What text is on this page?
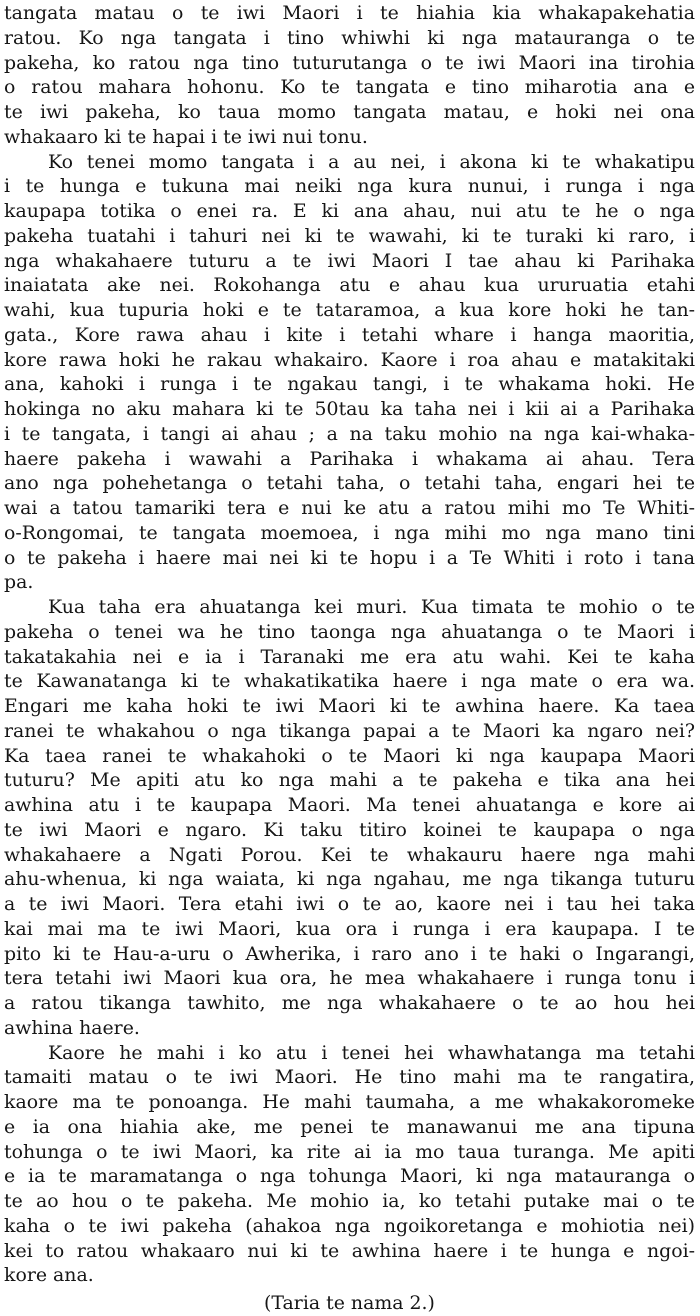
tangata matau o te iwi Maori i te hiahia kia whakapakehatia
ratou. Ko nga tangata i tino whiwhi ki nga matauranga o te
pakeha, ko ratou nga tino tuturutanga o te iwi Maori ina tirohia
o ratou mahara hohonu. Ko te tangata e tino miharotia ana e
te iwi pakeha, ko taua momo tangata matau, e hoki nei ona
whakaaro ki te hapai i te iwi nui tonu.
Ko tenei momo tangata i a au nei, i akona ki te whakatipu
i te hunga e tukuna mai neiki nga kura nunui, i runga i nga
kaupapa totika o enei ra. E ki ana ahau, nui atu te he o nga
pakeha tuatahi i tahuri nei ki te wawahi, ki te turaki ki raro, i
nga whakahaere tuturu a te iwi Maori I tae ahau ki Parihaka
inaiatata ake nei. Rokohanga atu e ahau kua ururuatia etahi
wahi, kua tupuria hoki e te tataramoa, a kua kore hoki he tan-
gata., Kore rawa ahau i kite i tetahi whare i hanga maoritia,
kore rawa hoki he rakau whakairo. Kaore i roa ahau e matakitaki
ana, kahoki i runga i te ngakau tangi, i te whakama hoki. He
hokinga no aku mahara ki te 50tau ka taha nei i kii ai a Parihaka
i te tangata, i tangi ai ahau ; a na taku mohio na nga kai-whaka-
haere pakeha i wawahi a Parihaka i whakama ai ahau. Tera
ano nga pohehetanga o tetahi taha, o tetahi taha, engari hei te
wai a tatou tamariki tera e nui ke atu a ratou mihi mo Te Whiti-
o-Rongomai, te tangata moemoea, i nga mihi mo nga mano tini
o te pakeha i haere mai nei ki te hopu i a Te Whiti i roto i tana
pa.
Kua taha era ahuatanga kei muri. Kua timata te mohio o te
pakeha o tenei wa he tino taonga nga ahuatanga o te Maori i
takatakahia nei e ia i Taranaki me era atu wahi. Kei te kaha
te Kawanatanga ki te whakatikatika haere i nga mate o era wa.
Engari me kaha hoki te iwi Maori ki te awhina haere. Ka taea
ranei te whakahou o nga tikanga papai a te Maori ka ngaro nei?
Ka taea ranei te whakahoki o te Maori ki nga kaupapa Maori
tuturu? Me apiti atu ko nga mahi a te pakeha e tika ana hei
awhina atu i te kaupapa Maori. Ma tenei ahuatanga e kore ai
te iwi Maori e ngaro. Ki taku titiro koinei te kaupapa o nga
whakahaere a Ngati Porou. Kei te whakauru haere nga mahi
ahu-whenua, ki nga waiata, ki nga ngahau, me nga tikanga tuturu
a te iwi Maori. Tera etahi iwi o te ao, kaore nei i tau hei taka
kai mai ma te iwi Maori, kua ora i runga i era kaupapa. I te
pito ki te Hau-a-uru o Awherika, i raro ano i te haki o Ingarangi,
tera tetahi iwi Maori kua ora, he mea whakahaere i runga tonu i
a ratou tikanga tawhito, me nga whakahaere o te ao hou hei
awhina haere.
Kaore he mahi i ko atu i tenei hei whawhatanga ma tetahi
tamaiti matau o te iwi Maori. He tino mahi ma te rangatira,
kaore ma te ponoanga. He mahi taumaha, a me whakakoromeke
e ia ona hiahia ake, me penei te manawanui me ana tipuna
tohunga o te iwi Maori, ka rite ai ia mo taua turanga. Me apiti
e ia te maramatanga o nga tohunga Maori, ki nga matauranga o
te ao hou o te pakeha. Me mohio ia, ko tetahi putake mai o te
kaha o te iwi pakeha (ahakoa nga ngoikoretanga e mohiotia nei)
kei to ratou whakaaro nui ki te awhina haere i te hunga e ngoi-
kore ana.
(Taria te nama 2.)
